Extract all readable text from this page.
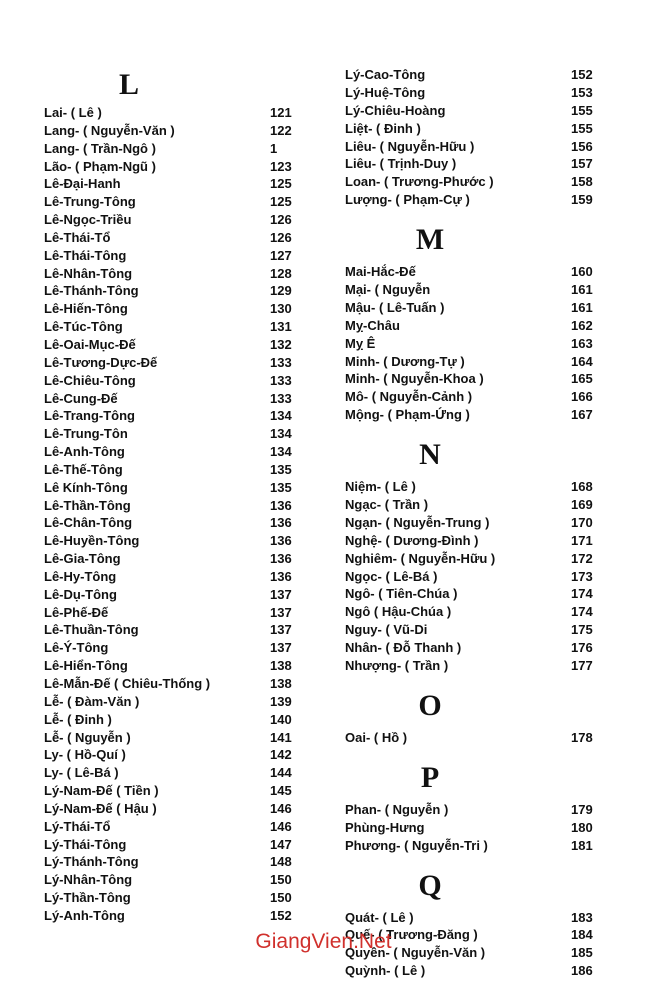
L
Lai- ( Lê )	121
Lang- ( Nguyễn-Văn )	122
Lang- ( Trần-Ngô )	1
Lão- ( Phạm-Ngũ )	123
Lê-Đại-Hanh	125
Lê-Trung-Tông	125
Lê-Ngọc-Triều	126
Lê-Thái-Tổ	126
Lê-Thái-Tông	127
Lê-Nhân-Tông	128
Lê-Thánh-Tông	129
Lê-Hiến-Tông	130
Lê-Túc-Tông	131
Lê-Oai-Mục-Đế	132
Lê-Tương-Dực-Đế	133
Lê-Chiêu-Tông	133
Lê-Cung-Đế	133
Lê-Trang-Tông	134
Lê-Trung-Tôn	134
Lê-Anh-Tông	134
Lê-Thế-Tông	135
Lê Kính-Tông	135
Lê-Thần-Tông	136
Lê-Chân-Tông	136
Lê-Huyền-Tông	136
Lê-Gia-Tông	136
Lê-Hy-Tông	136
Lê-Dụ-Tông	137
Lê-Phế-Đế	137
Lê-Thuần-Tông	137
Lê-Ý-Tông	137
Lê-Hiển-Tông	138
Lê-Mẫn-Đế ( Chiêu-Thống )	138
Lễ- ( Đàm-Văn )	139
Lễ- ( Đinh )	140
Lễ- ( Nguyễn )	141
Ly- ( Hồ-Quí )	142
Ly- ( Lê-Bá )	144
Lý-Nam-Đế ( Tiền )	145
Lý-Nam-Đế ( Hậu )	146
Lý-Thái-Tổ	146
Lý-Thái-Tông	147
Lý-Thánh-Tông	148
Lý-Nhân-Tông	150
Lý-Thần-Tông	150
Lý-Anh-Tông	152
Lý-Cao-Tông	152
Lý-Huệ-Tông	153
Lý-Chiêu-Hoàng	155
Liệt- ( Đinh )	155
Liêu- ( Nguyễn-Hữu )	156
Liêu- ( Trịnh-Duy )	157
Loan- ( Trương-Phước )	158
Lượng- ( Phạm-Cự )	159
M
Mai-Hắc-Đế	160
Mại- ( Nguyễn	161
Mậu- ( Lê-Tuấn )	161
Mỵ-Châu	162
Mỵ Ê	163
Minh- ( Dương-Tự )	164
Minh- ( Nguyễn-Khoa )	165
Mô- ( Nguyễn-Cảnh )	166
Mộng- ( Phạm-Ứng )	167
N
Niệm- ( Lê )	168
Ngạc- ( Trần )	169
Ngạn- ( Nguyễn-Trung )	170
Nghệ- ( Dương-Đình )	171
Nghiêm- ( Nguyễn-Hữu )	172
Ngọc- ( Lê-Bá )	173
Ngô- ( Tiên-Chúa )	174
Ngô ( Hậu-Chúa )	174
Nguy- ( Vũ-Di	175
Nhân- ( Đỗ Thanh )	176
Nhượng- ( Trần )	177
O
Oai- ( Hồ )	178
P
Phan- ( Nguyễn )	179
Phùng-Hưng	180
Phương- ( Nguyễn-Tri )	181
Q
Quát- ( Lê )	183
Quế- ( Trương-Đăng )	184
Quyền- ( Nguyễn-Văn )	185
Quỳnh- ( Lê )	186
GiangVien.Net
